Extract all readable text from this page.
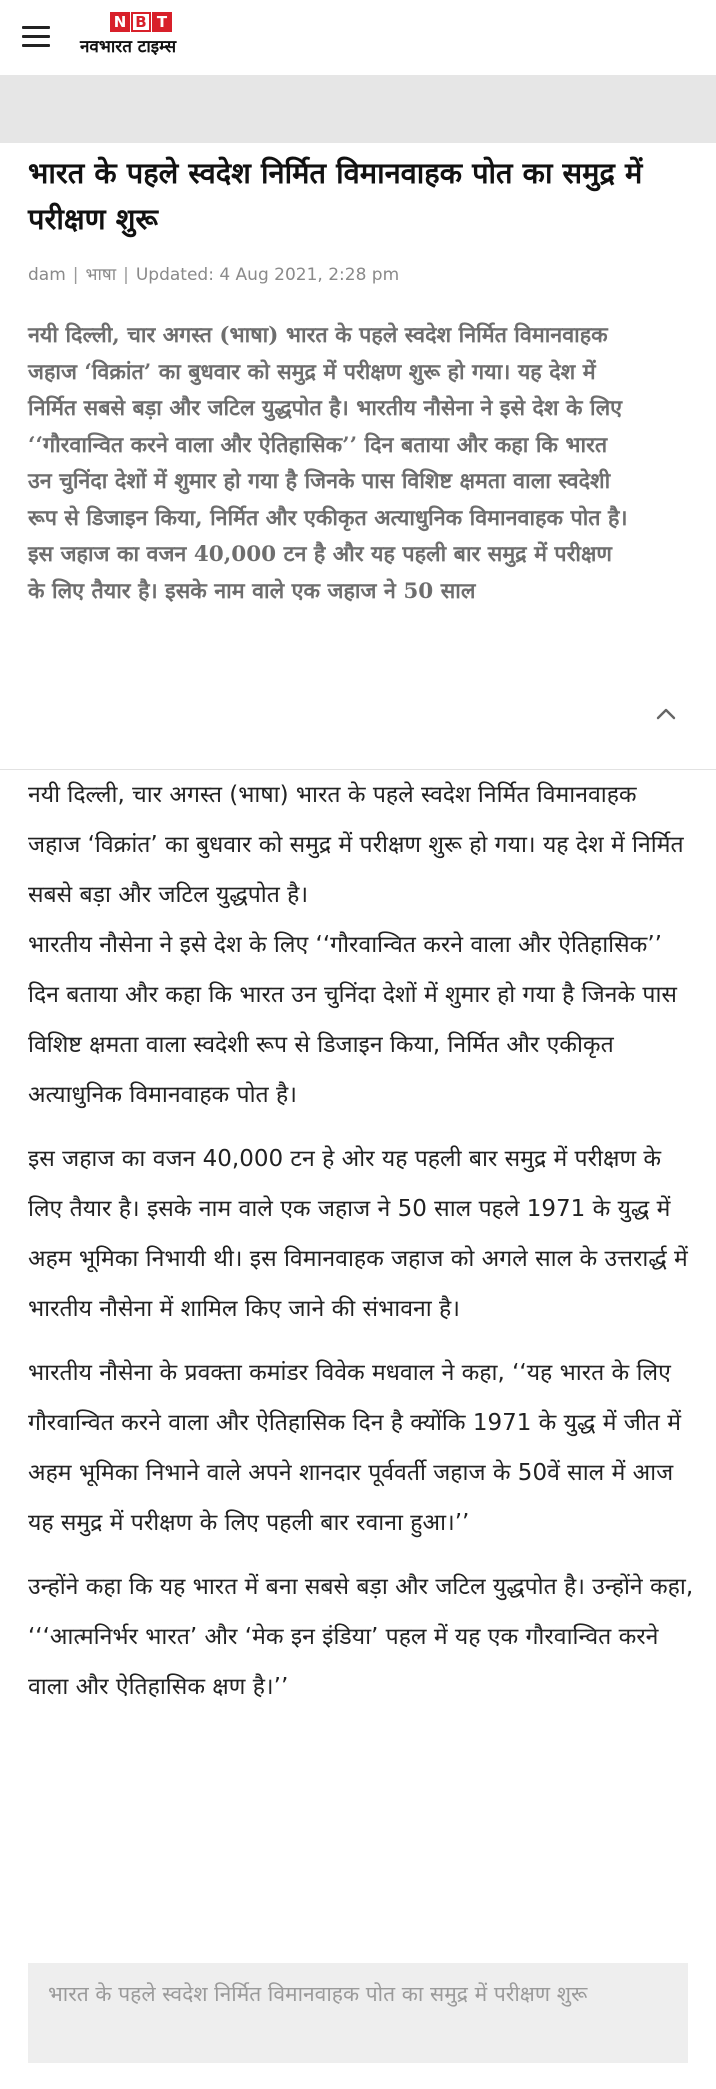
N B T
नवभारत टाइम्स
भारत के पहले स्वदेश निर्मित विमानवाहक पोत का समुद्र में परीक्षण शुरू
dam | भाषा | Updated: 4 Aug 2021, 2:28 pm
नयी दिल्ली, चार अगस्त (भाषा) भारत के पहले स्वदेश निर्मित विमानवाहक जहाज ‘विक्रांत’ का बुधवार को समुद्र में परीक्षण शुरू हो गया। यह देश में निर्मित सबसे बड़ा और जटिल युद्धपोत है। भारतीय नौसेना ने इसे देश के लिए ‘‘गौरवान्वित करने वाला और ऐतिहासिक’’ दिन बताया और कहा कि भारत उन चुनिंदा देशों में शुमार हो गया है जिनके पास विशिष्ट क्षमता वाला स्वदेशी रूप से डिजाइन किया, निर्मित और एकीकृत अत्याधुनिक विमानवाहक पोत है। इस जहाज का वजन 40,000 टन है और यह पहली बार समुद्र में परीक्षण के लिए तैयार है। इसके नाम वाले एक जहाज ने 50 साल

नयी दिल्ली, चार अगस्त (भाषा) भारत के पहले स्वदेश निर्मित विमानवाहक जहाज ‘विक्रांत’ का बुधवार को समुद्र में परीक्षण शुरू हो गया। यह देश में निर्मित सबसे बड़ा और जटिल युद्धपोत है।

भारतीय नौसेना ने इसे देश के लिए ‘‘गौरवान्वित करने वाला और ऐतिहासिक’’ दिन बताया और कहा कि भारत उन चुनिंदा देशों में शुमार हो गया है जिनके पास विशिष्ट क्षमता वाला स्वदेशी रूप से डिजाइन किया, निर्मित और एकीकृत अत्याधुनिक विमानवाहक पोत है।

इस जहाज का वजन 40,000 टन हे ओर यह पहली बार समुद्र में परीक्षण के लिए तैयार है। इसके नाम वाले एक जहाज ने 50 साल पहले 1971 के युद्ध में अहम भूमिका निभायी थी। इस विमानवाहक जहाज को अगले साल के उत्तरार्द्ध में भारतीय नौसेना में शामिल किए जाने की संभावना है।

भारतीय नौसेना के प्रवक्ता कमांडर विवेक मधवाल ने कहा, ‘‘यह भारत के लिए गौरवान्वित करने वाला और ऐतिहासिक दिन है क्योंकि 1971 के युद्ध में जीत में अहम भूमिका निभाने वाले अपने शानदार पूर्ववर्ती जहाज के 50वें साल में आज यह समुद्र में परीक्षण के लिए पहली बार रवाना हुआ।’’

उन्होंने कहा कि यह भारत में बना सबसे बड़ा और जटिल युद्धपोत है। उन्होंने कहा, ‘‘‘आत्मनिर्भर भारत’ और ‘मेक इन इंडिया’ पहल में यह एक गौरवान्वित करने वाला और ऐतिहासिक क्षण है।’’

भारत के पहले स्वदेश निर्मित विमानवाहक पोत का समुद्र में परीक्षण शुरू
